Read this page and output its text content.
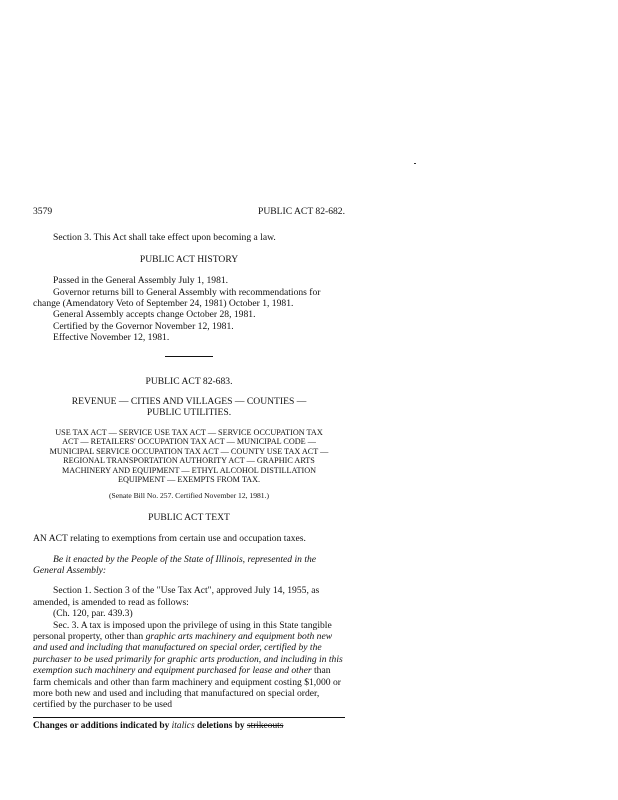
3579	PUBLIC ACT 82-682.

Section 3. This Act shall take effect upon becoming a law.

PUBLIC ACT HISTORY

Passed in the General Assembly July 1, 1981.

Governor returns bill to General Assembly with recommendations for change (Amendatory Veto of September 24, 1981) October 1, 1981.

General Assembly accepts change October 28, 1981.

Certified by the Governor November 12, 1981.

Effective November 12, 1981.

PUBLIC ACT 82-683.

REVENUE — CITIES AND VILLAGES — COUNTIES —
PUBLIC UTILITIES.
USE TAX ACT — SERVICE USE TAX ACT — SERVICE OCCUPATION TAX
ACT — RETAILERS' OCCUPATION TAX ACT — MUNICIPAL CODE —
MUNICIPAL SERVICE OCCUPATION TAX ACT — COUNTY USE TAX ACT —
REGIONAL TRANSPORTATION AUTHORITY ACT — GRAPHIC ARTS
MACHINERY AND EQUIPMENT — ETHYL ALCOHOL DISTILLATION
EQUIPMENT — EXEMPTS FROM TAX.

(Senate Bill No. 257. Certified November 12, 1981.)

PUBLIC ACT TEXT

AN ACT relating to exemptions from certain use and occupation taxes.

Be it enacted by the People of the State of Illinois, represented in the General Assembly:

Section 1. Section 3 of the "Use Tax Act", approved July 14, 1955, as amended, is amended to read as follows:

(Ch. 120, par. 439.3)

Sec. 3. A tax is imposed upon the privilege of using in this State tangible personal property, other than graphic arts machinery and equipment both new and used and including that manufactured on special order, certified by the purchaser to be used primarily for graphic arts production, and including in this exemption such machinery and equipment purchased for lease and other than farm chemicals and other than farm machinery and equipment costing $1,000 or more both new and used and including that manufactured on special order, certified by the purchaser to be used

Changes or additions indicated by italics deletions by strikeouts
